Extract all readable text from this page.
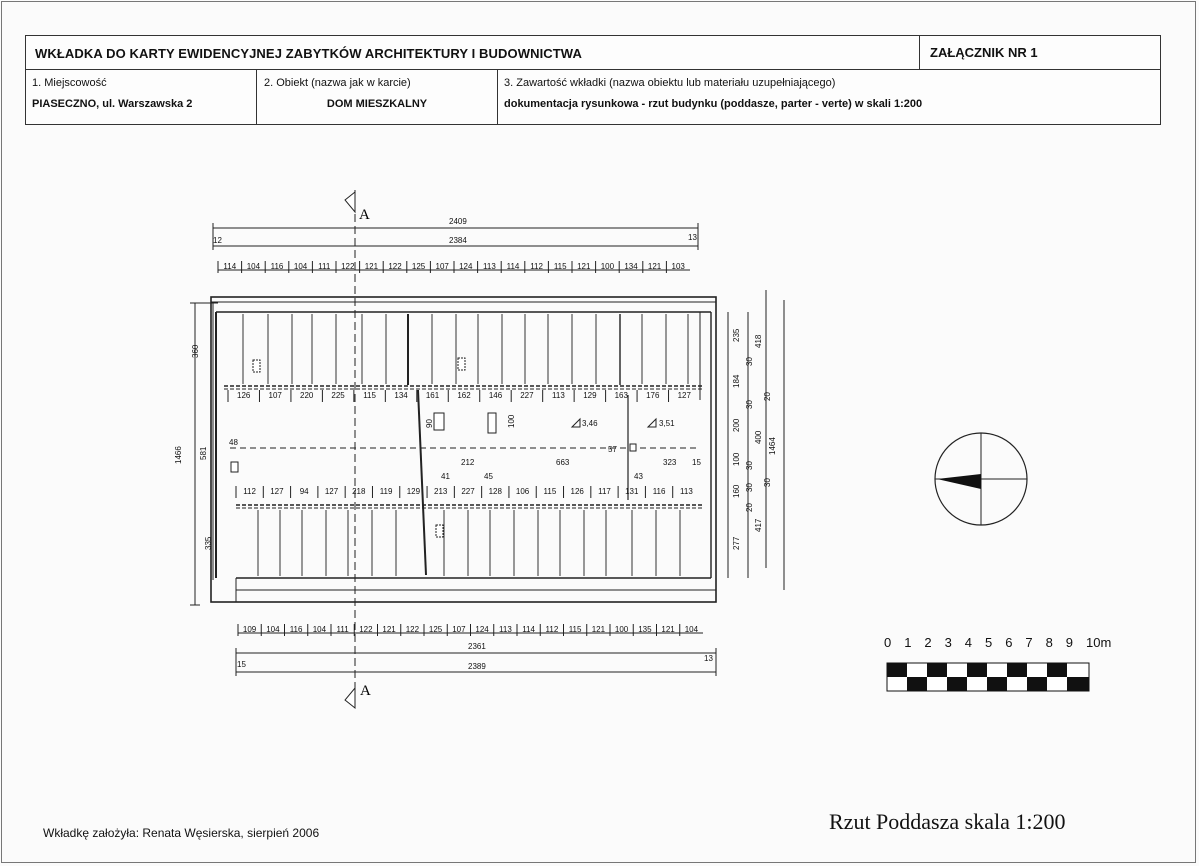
WKŁADKA DO KARTY EWIDENCYJNEJ ZABYTKÓW ARCHITEKTURY I BUDOWNICTWA	ZAŁĄCZNIK NR 1
1. Miejscowość
PIASECZNO, ul. Warszawska 2
2. Obiekt (nazwa jak w karcie)
DOM MIESZKALNY
3. Zawartość wkładki (nazwa obiektu lub materiału uzupełniającego)
dokumentacja rysunkowa - rzut budynku (poddasze, parter - verte) w skali 1:200
A
A
2409
2384
12	13
2361
2389
15
13
212	663	323 15
41	45	43
48
57
90	100	3,46	3,51
1466
360
581
335
1464
418
400
417
235
184
200
100
160
277
30
20
30
30
30
20
30
114 104 116 104 111 122 121 122 125 107 124 113 114 112 115 121 100 134 121 103
109 104 116 104 111 122 121 122 125 107 124 113 114 112 115 121 100 135 121 104
126 107 220 225 115 134 161 162 146 227 113 129 163 176 127
112 127 94 127 218 119 129 213 227 128 106 115 126 117 131 116 113
0 1 2 3 4 5 6 7 8 9 10m
Wkładkę założyła: Renata Węsierska, sierpień 2006	Rzut Poddasza skala 1:200
